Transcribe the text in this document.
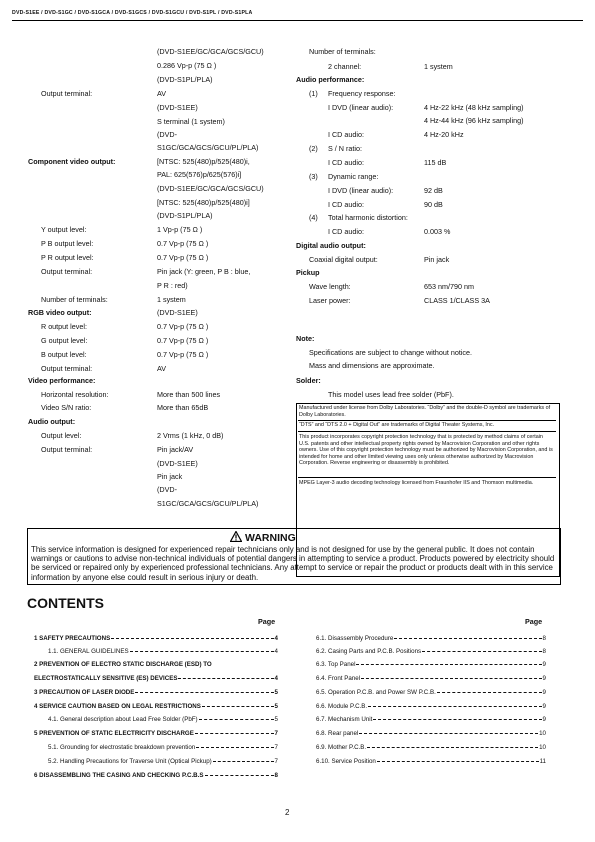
DVD-S1EE / DVD-S1GC / DVD-S1GCA / DVD-S1GCS / DVD-S1GCU / DVD-S1PL / DVD-S1PLA
(DVD-S1EE/GC/GCA/GCS/GCU)
0.286 Vp-p (75 Ω )
(DVD-S1PL/PLA)
Output terminal:	AV
(DVD-S1EE)
S terminal (1 system)
(DVD-
S1GC/GCA/GCS/GCU/PL/PLA)
Component video output:	[NTSC: 525(480)p/525(480)i,
PAL: 625(576)p/625(576)i]
(DVD-S1EE/GC/GCA/GCS/GCU)
[NTSC: 525(480)p/525(480)i]
(DVD-S1PL/PLA)
Y output level:	1 Vp-p (75 Ω )
P B output level:	0.7 Vp-p (75 Ω )
P R output level:	0.7 Vp-p (75 Ω )
Output terminal:	Pin jack (Y: green, P B : blue,
P R : red)
Number of terminals:	1 system
RGB video output:	(DVD-S1EE)
R output level:	0.7 Vp-p (75 Ω )
G output level:	0.7 Vp-p (75 Ω )
B output level:	0.7 Vp-p (75 Ω )
Output terminal:	AV
Video performance:
Horizontal resolution:	More than 500 lines
Video S/N ratio:	More than 65dB
Audio output:
Output level:	2 Vrms (1 kHz, 0 dB)
Output terminal:	Pin jack/AV
(DVD-S1EE)
Pin jack
(DVD-
S1GC/GCA/GCS/GCU/PL/PLA)
Number of terminals:
2 channel:	1 system
Audio performance:
(1) Frequency response:
I DVD (linear audio):	4 Hz-22 kHz (48 kHz sampling)
4 Hz-44 kHz (96 kHz sampling)
I CD audio:	4 Hz-20 kHz
(2) S / N ratio:
I CD audio:	115 dB
(3) Dynamic range:
I DVD (linear audio):	92 dB
I CD audio:	90 dB
(4) Total harmonic distortion:
I CD audio:	0.003 %
Digital audio output:
Coaxial digital output:	Pin jack
Pickup
Wave length:	653 nm/790 nm
Laser power:	CLASS 1/CLASS 3A
Note:
Specifications are subject to change without notice.
Mass and dimensions are approximate.
Solder:
This model uses lead free solder (PbF).
Manufactured under license from Dolby Laboratories. “Dolby” and the double-D symbol are trademarks of Dolby Laboratories.
“DTS” and “DTS 2.0 + Digital Out” are trademarks of Digital Theater Systems, Inc.
This product incorporates copyright protection technology that is protected by method claims of certain U.S. patents and other intellectual property rights owned by Macrovision Corporation and other rights owners. Use of this copyright protection technology must be authorized by Macrovision Corporation, and is intended for home and other limited viewing uses only unless otherwise authorized by Macrovision Corporation. Reverse engineering or disassembly is prohibited.
MPEG Layer-3 audio decoding technology licensed from Fraunhofer IIS and Thomson multimedia.
WARNING
This service information is designed for experienced repair technicians only and is not designed for use by the general public. It does not contain warnings or cautions to advise non-technical individuals of potential dangers in attempting to service a product. Products powered by electricity should be serviced or repaired only by experienced professional technicians. Any attempt to service or repair the product or products dealt with in this service information by anyone else could result in serious injury or death.
CONTENTS
Page	Page
1 SAFETY PRECAUTIONS	4
1.1. GENERAL GUIDELINES	4
2 PREVENTION OF ELECTRO STATIC DISCHARGE (ESD) TO
ELECTROSTATICALLY SENSITIVE (ES) DEVICES	4
3 PRECAUTION OF LASER DIODE	5
4 SERVICE CAUTION BASED ON LEGAL RESTRICTIONS	5
4.1. General description about Lead Free Solder (PbF)	5
5 PREVENTION OF STATIC ELECTRICITY DISCHARGE	7
5.1. Grounding for electrostatic breakdown prevention	7
5.2. Handling Precautions for Traverse Unit (Optical Pickup)	7
6 DISASSEMBLING THE CASING AND CHECKING P.C.B.S	8
6.1. Disassembly Procedure	8
6.2. Casing Parts and P.C.B. Positions	8
6.3. Top Panel	9
6.4. Front Panel	9
6.5. Operation P.C.B. and Power SW P.C.B.	9
6.6. Module P.C.B.	9
6.7. Mechanism Unit	9
6.8. Rear panel	10
6.9. Mother P.C.B.	10
6.10. Service Position	11
2
